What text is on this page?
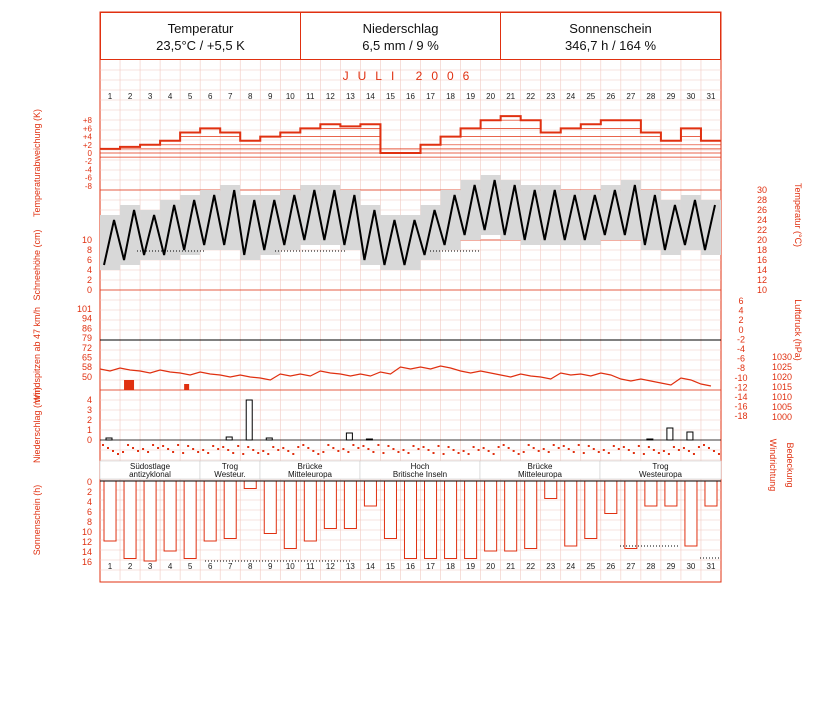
Temperatur
23,5°C / +5,5 K
Niederschlag
6,5 mm / 9 %
Sonnenschein
346,7 h / 164 %
JULI 2006
1
1
2
2
3
3
4
4
5
5
6
6
7
7
8
8
9
9
10
10
11
11
12
12
13
13
14
14
15
15
16
16
17
17
18
18
19
19
20
20
21
21
22
22
23
23
24
24
25
25
26
26
27
27
28
28
29
29
30
30
31
31
+8
+6
+4
+2
0
-2
-4
-6
-8
Temperaturabweichung (K)	30
28
26
24
22
20
18
16
14
12
10
Temperatur (°C)
10
8
6
4
2
0
Schneehöhe (cm)
101
94
86
79
72
65
58
50
Windspitzen ab 47 km/h	1030
1025
1020
1015
1010
1005
1000
6
4
2
0
-2
-4
-6
-8
-10
-12
-14
-16
-18
Luftdruck (hPa)
4
3
2
1
0
Niederschlag (mm)
Windrichtung Bedeckung
Südostlage
antizyklonal
Trog
Westeur.
Brücke
Mitteleuropa
Hoch
Britische Inseln
Brücke
Mitteleuropa
Trog
Westeuropa
0
2
4
6
8
10
12
14
16
Sonnenschein (h)
